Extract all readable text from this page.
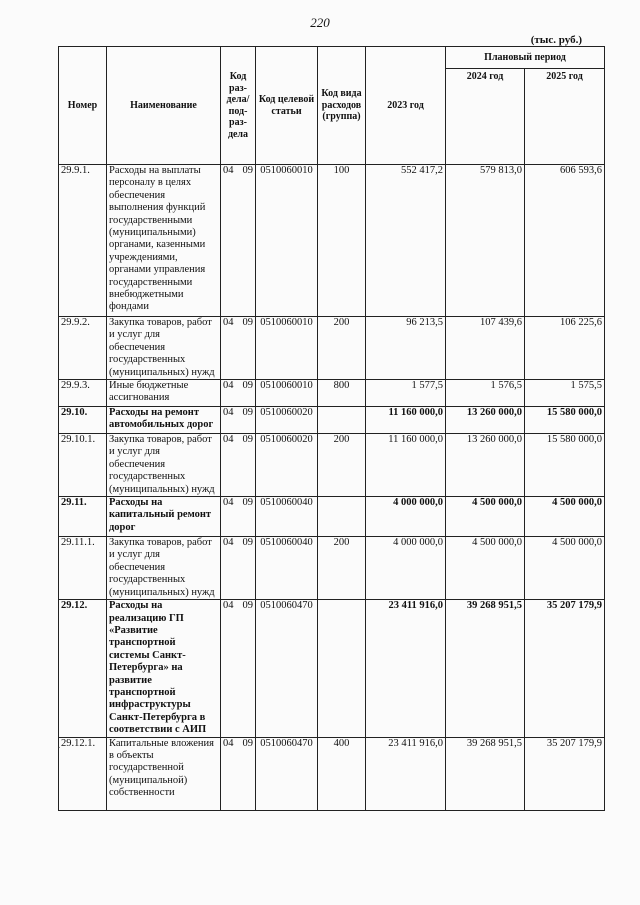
220
(тыс. руб.)
Номер	Наименование	Код раз- дела/ под- раз- дела	Код целевой статьи	Код вида расходов (группа)	2023 год	Плановый период	
						2024 год	2025 год
29.9.1.	Расходы на выплаты персоналу в целях обеспечения выполнения функций государственными (муниципальными) органами, казенными учреждениями, органами управления государственными внебюджетными фондами	04 09	0510060010	100	552 417,2	579 813,0	606 593,6
29.9.2.	Закупка товаров, работ и услуг для обеспечения государственных (муниципальных) нужд	04 09	0510060010	200	96 213,5	107 439,6	106 225,6
29.9.3.	Иные бюджетные ассигнования	04 09	0510060010	800	1 577,5	1 576,5	1 575,5
29.10.	Расходы на ремонт автомобильных дорог	04 09	0510060020		11 160 000,0	13 260 000,0	15 580 000,0
29.10.1.	Закупка товаров, работ и услуг для обеспечения государственных (муниципальных) нужд	04 09	0510060020	200	11 160 000,0	13 260 000,0	15 580 000,0
29.11.	Расходы на капитальный ремонт дорог	04 09	0510060040		4 000 000,0	4 500 000,0	4 500 000,0
29.11.1.	Закупка товаров, работ и услуг для обеспечения государственных (муниципальных) нужд	04 09	0510060040	200	4 000 000,0	4 500 000,0	4 500 000,0
29.12.	Расходы на реализацию ГП «Развитие транспортной системы Санкт-Петербурга» на развитие транспортной инфраструктуры Санкт-Петербурга в соответствии с АИП	04 09	0510060470		23 411 916,0	39 268 951,5	35 207 179,9
29.12.1.	Капитальные вложения в объекты государственной (муниципальной) собственности	04 09	0510060470	400	23 411 916,0	39 268 951,5	35 207 179,9
.
